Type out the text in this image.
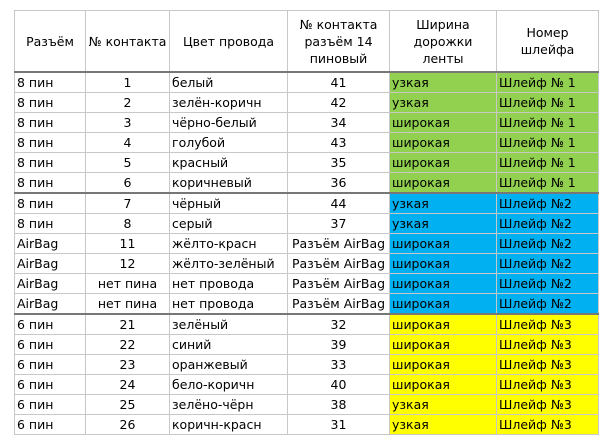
Разъём	№ контакта	Цвет провода	№ контакта разъём 14 пиновый	Ширина дорожки ленты	Номер шлейфа
8 пин	1	белый	41	узкая	Шлейф № 1
8 пин	2	зелён-коричн	42	узкая	Шлейф № 1
8 пин	3	чёрно-белый	34	широкая	Шлейф № 1
8 пин	4	голубой	43	широкая	Шлейф № 1
8 пин	5	красный	35	широкая	Шлейф № 1
8 пин	6	коричневый	36	широкая	Шлейф № 1
8 пин	7	чёрный	44	узкая	Шлейф №2
8 пин	8	серый	37	узкая	Шлейф №2
AirBag	11	жёлто-красн	Разъём AirBag	широкая	Шлейф №2
AirBag	12	жёлто-зелёный	Разъём AirBag	широкая	Шлейф №2
AirBag	нет пина	нет провода	Разъём AirBag	широкая	Шлейф №2
AirBag	нет пина	нет провода	Разъём AirBag	широкая	Шлейф №2
6 пин	21	зелёный	32	широкая	Шлейф №3
6 пин	22	синий	39	широкая	Шлейф №3
6 пин	23	оранжевый	33	широкая	Шлейф №3
6 пин	24	бело-коричн	40	широкая	Шлейф №3
6 пин	25	зелёно-чёрн	38	узкая	Шлейф №3
6 пин	26	коричн-красн	31	узкая	Шлейф №3
